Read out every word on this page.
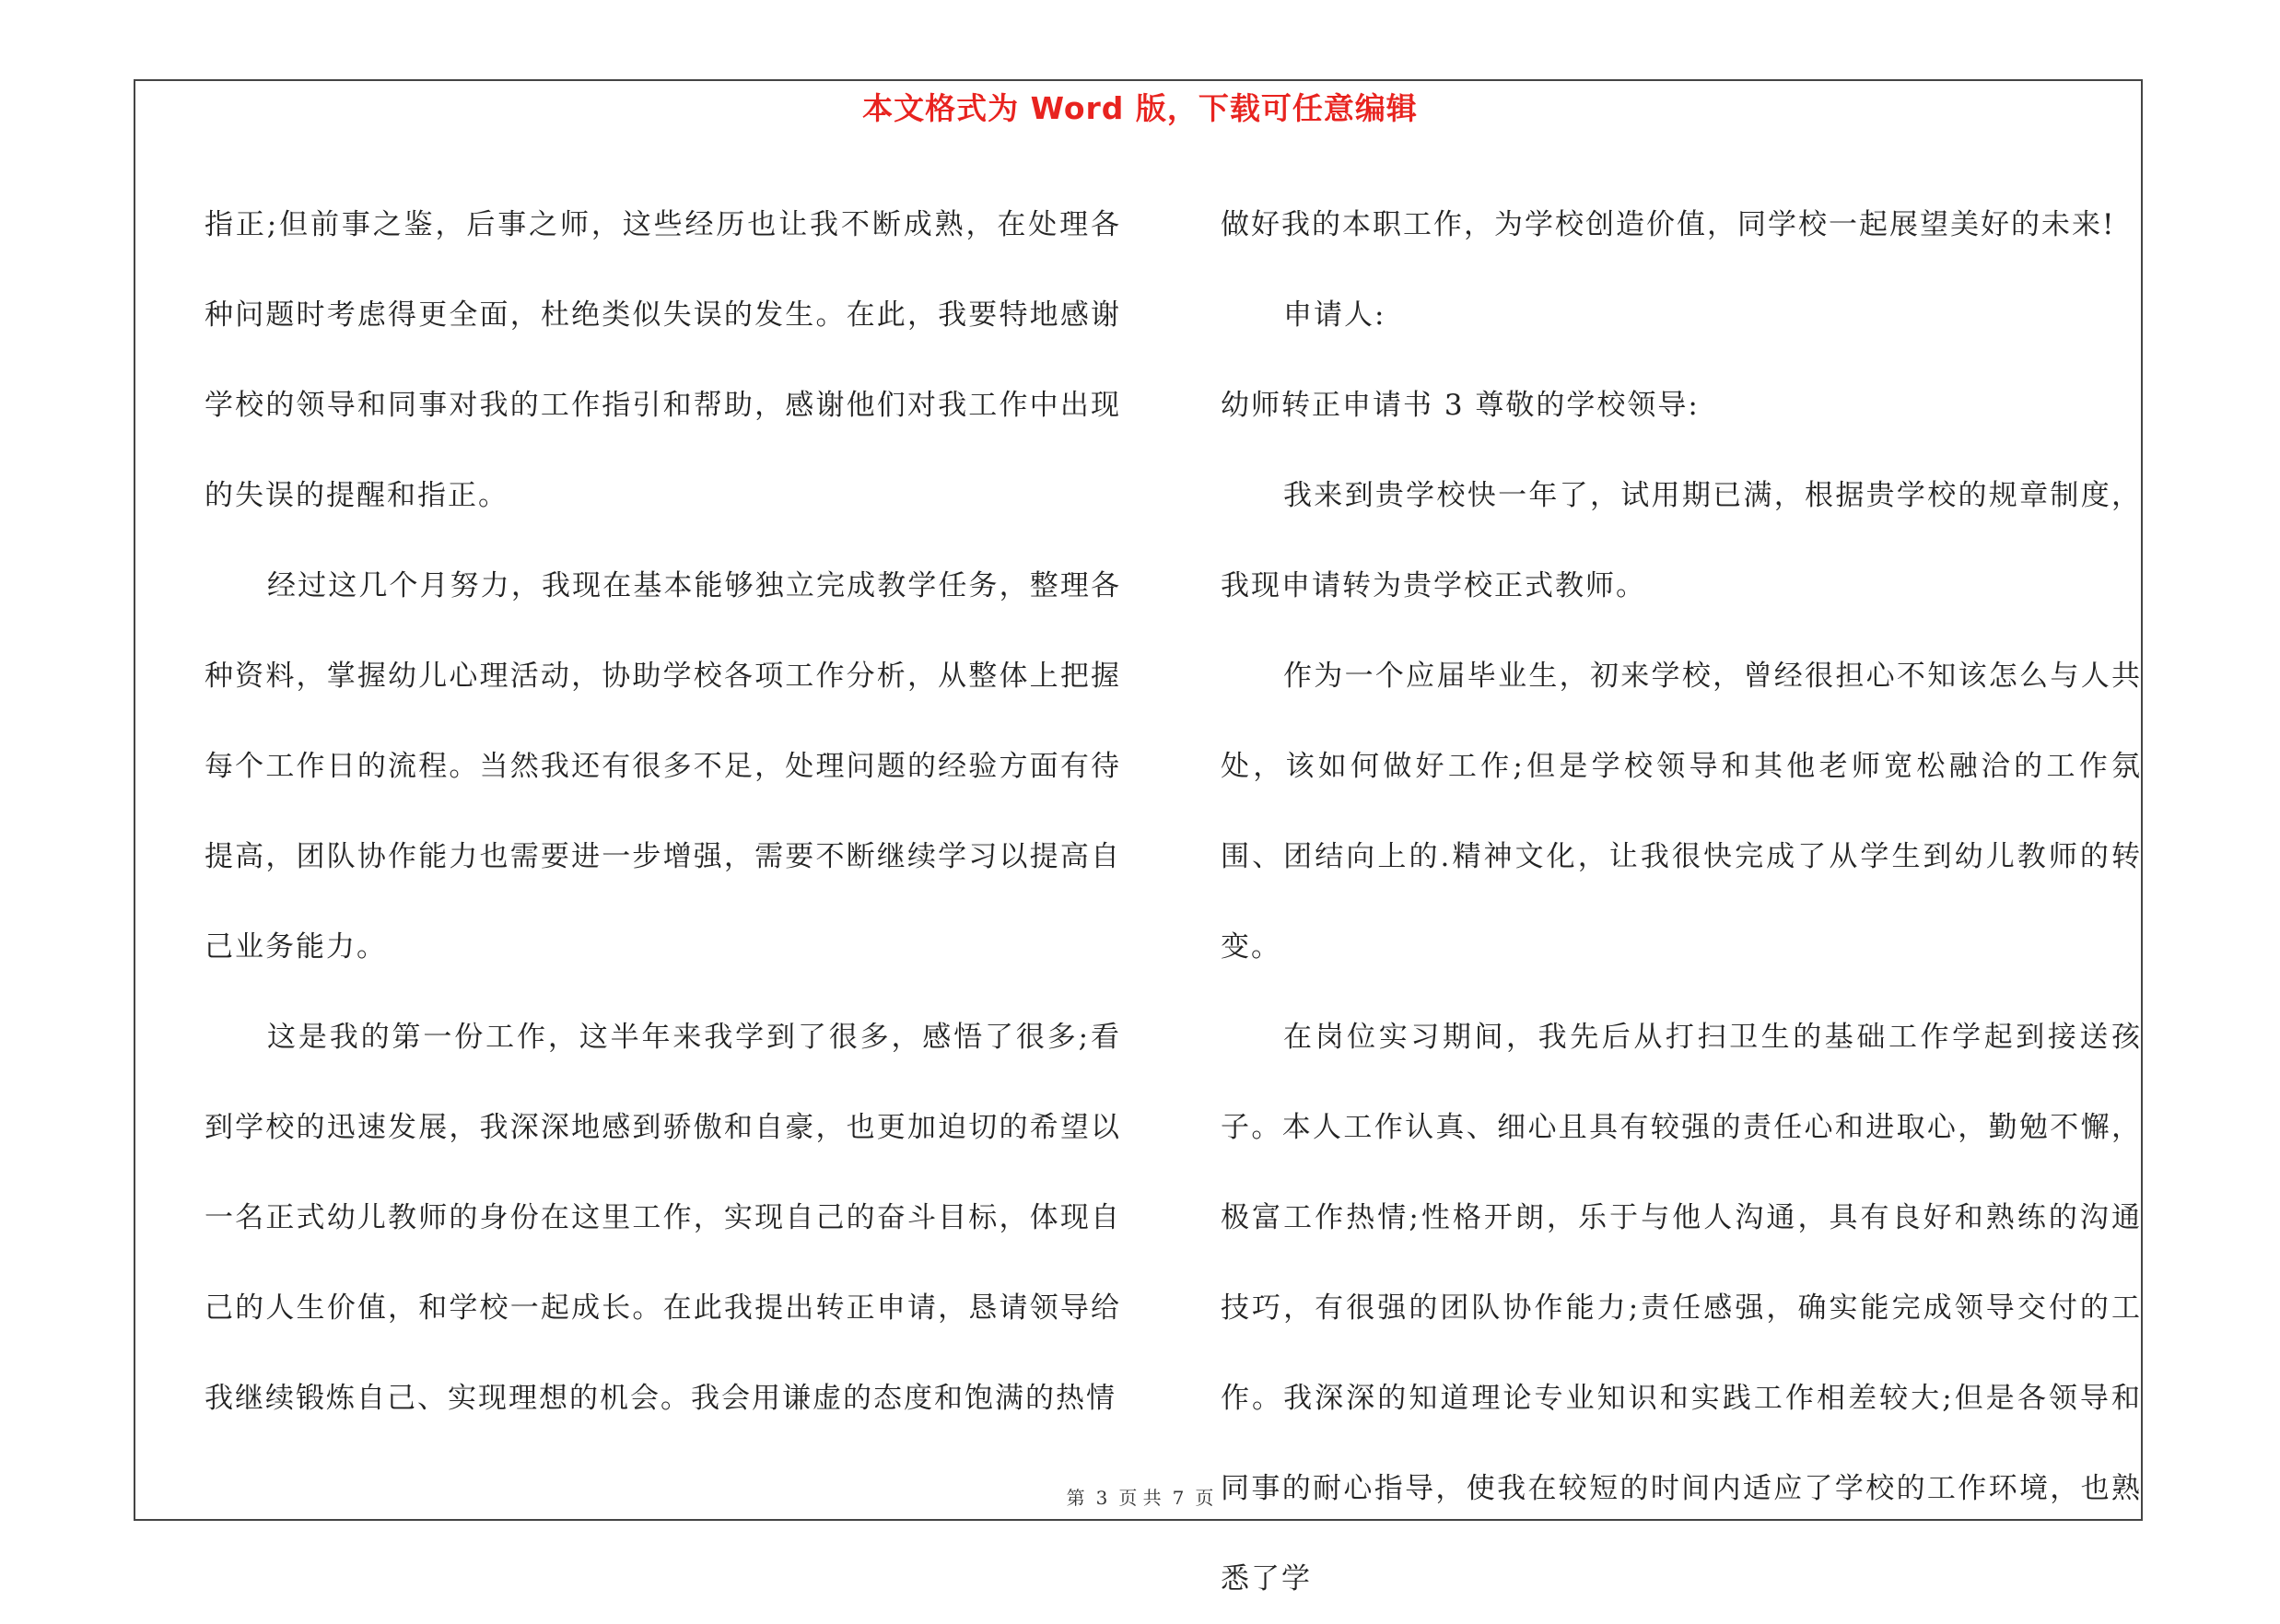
本文格式为 Word 版，下载可任意编辑

指正;但前事之鉴，后事之师，这些经历也让我不断成熟，在处理各种问题时考虑得更全面，杜绝类似失误的发生。在此，我要特地感谢学校的领导和同事对我的工作指引和帮助，感谢他们对我工作中出现的失误的提醒和指正。

经过这几个月努力，我现在基本能够独立完成教学任务，整理各种资料，掌握幼儿心理活动，协助学校各项工作分析，从整体上把握每个工作日的流程。当然我还有很多不足，处理问题的经验方面有待提高，团队协作能力也需要进一步增强，需要不断继续学习以提高自己业务能力。

这是我的第一份工作，这半年来我学到了很多，感悟了很多;看到学校的迅速发展，我深深地感到骄傲和自豪，也更加迫切的希望以一名正式幼儿教师的身份在这里工作，实现自己的奋斗目标，体现自己的人生价值，和学校一起成长。在此我提出转正申请，恳请领导给我继续锻炼自己、实现理想的机会。我会用谦虚的态度和饱满的热情

做好我的本职工作，为学校创造价值，同学校一起展望美好的未来!

申请人:

幼师转正申请书 3 尊敬的学校领导:

我来到贵学校快一年了，试用期已满，根据贵学校的规章制度，我现申请转为贵学校正式教师。

作为一个应届毕业生，初来学校，曾经很担心不知该怎么与人共处，该如何做好工作;但是学校领导和其他老师宽松融洽的工作氛围、团结向上的.精神文化，让我很快完成了从学生到幼儿教师的转变。

在岗位实习期间，我先后从打扫卫生的基础工作学起到接送孩子。本人工作认真、细心且具有较强的责任心和进取心，勤勉不懈，极富工作热情;性格开朗，乐于与他人沟通，具有良好和熟练的沟通技巧，有很强的团队协作能力;责任感强，确实能完成领导交付的工作。我深深的知道理论专业知识和实践工作相差较大;但是各领导和同事的耐心指导，使我在较短的时间内适应了学校的工作环境，也熟悉了学

第 3 页 共 7 页
